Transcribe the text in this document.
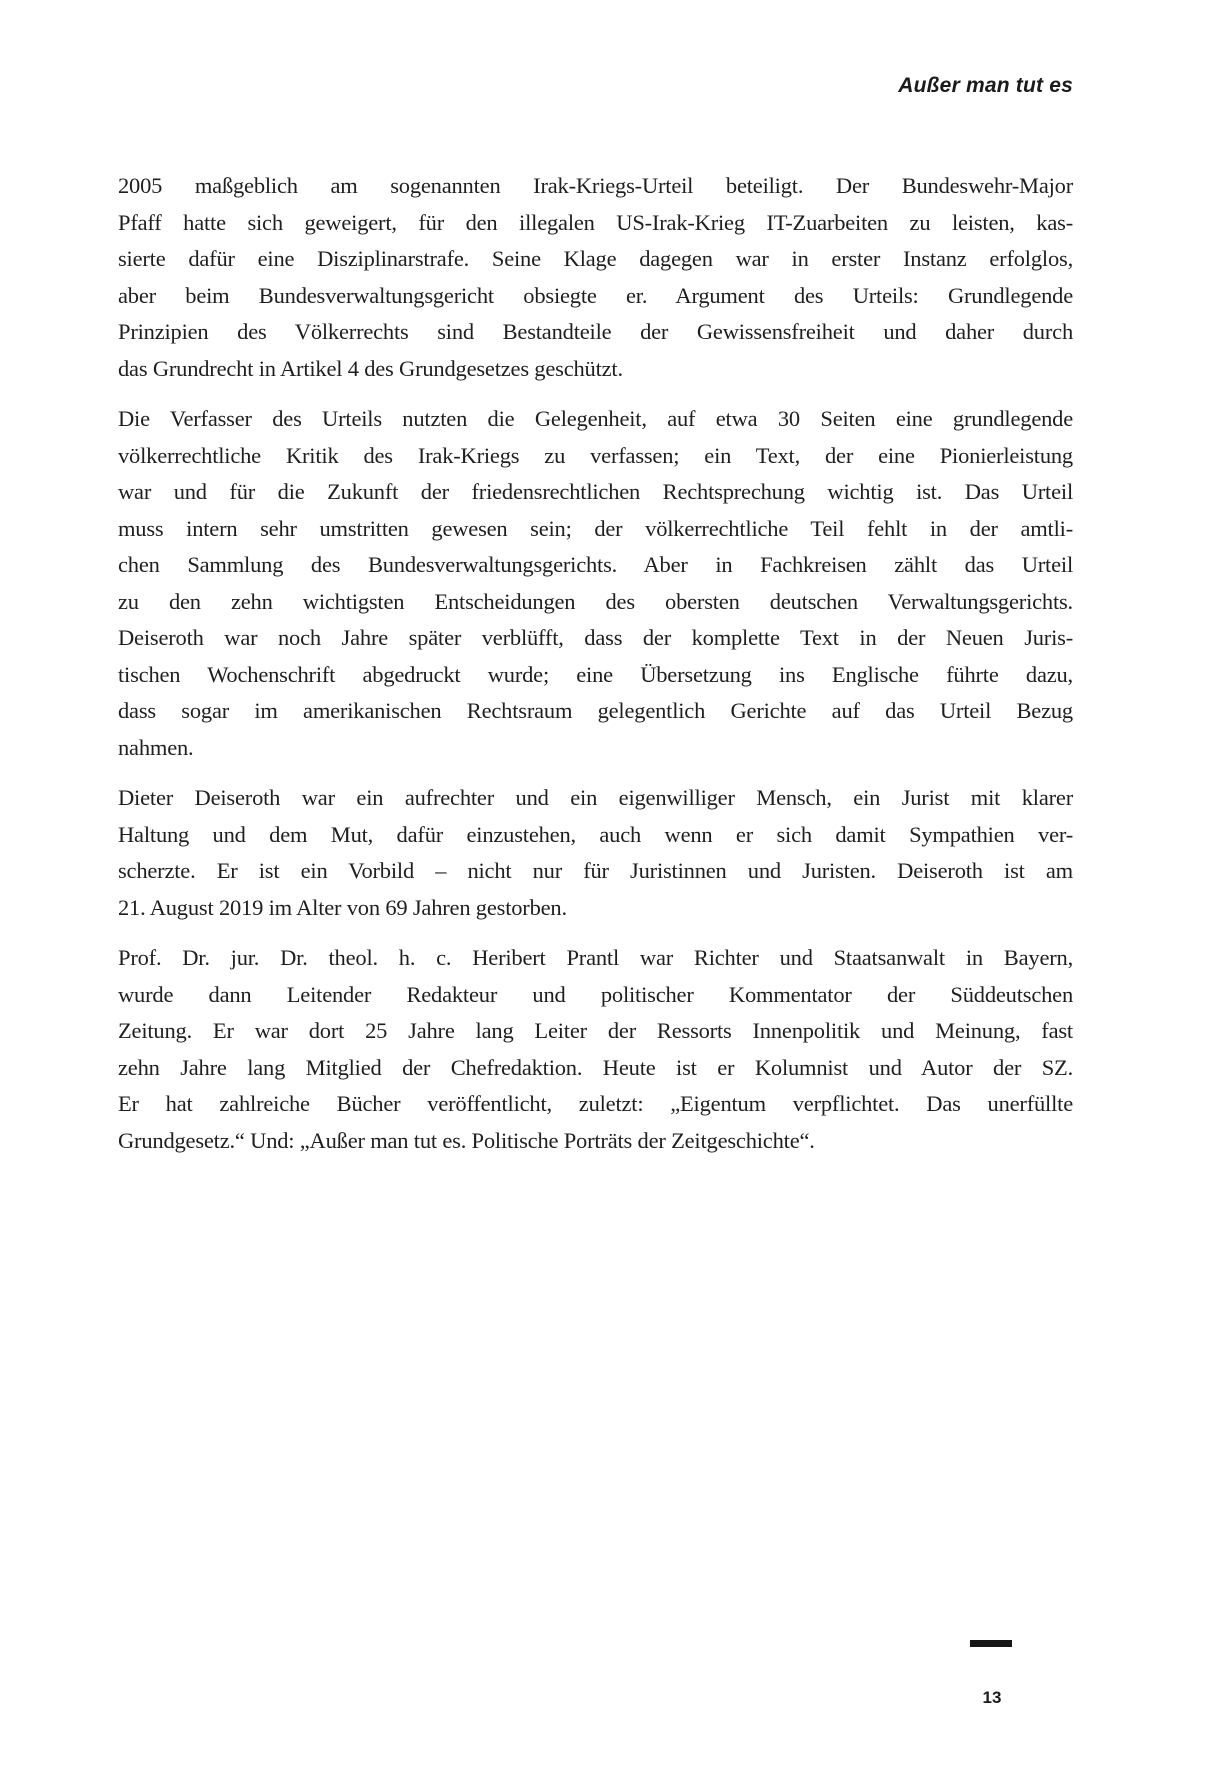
Außer man tut es
2005 maßgeblich am sogenannten Irak-Kriegs-Urteil beteiligt. Der Bundeswehr-Major
Pfaff hatte sich geweigert, für den illegalen US-Irak-Krieg IT-Zuarbeiten zu leisten, kas-
sierte dafür eine Disziplinarstrafe. Seine Klage dagegen war in erster Instanz erfolglos,
aber beim Bundesverwaltungsgericht obsiegte er. Argument des Urteils: Grundlegende
Prinzipien des Völkerrechts sind Bestandteile der Gewissensfreiheit und daher durch
das Grundrecht in Artikel 4 des Grundgesetzes geschützt.
Die Verfasser des Urteils nutzten die Gelegenheit, auf etwa 30 Seiten eine grundlegende
völkerrechtliche Kritik des Irak-Kriegs zu verfassen; ein Text, der eine Pionierleistung
war und für die Zukunft der friedensrechtlichen Rechtsprechung wichtig ist. Das Urteil
muss intern sehr umstritten gewesen sein; der völkerrechtliche Teil fehlt in der amtli-
chen Sammlung des Bundesverwaltungsgerichts. Aber in Fachkreisen zählt das Urteil
zu den zehn wichtigsten Entscheidungen des obersten deutschen Verwaltungsgerichts.
Deiseroth war noch Jahre später verblüfft, dass der komplette Text in der Neuen Juris-
tischen Wochenschrift abgedruckt wurde; eine Übersetzung ins Englische führte dazu,
dass sogar im amerikanischen Rechtsraum gelegentlich Gerichte auf das Urteil Bezug
nahmen.
Dieter Deiseroth war ein aufrechter und ein eigenwilliger Mensch, ein Jurist mit klarer
Haltung und dem Mut, dafür einzustehen, auch wenn er sich damit Sympathien ver-
scherzte. Er ist ein Vorbild – nicht nur für Juristinnen und Juristen. Deiseroth ist am
21. August 2019 im Alter von 69 Jahren gestorben.
Prof. Dr. jur. Dr. theol. h. c. Heribert Prantl war Richter und Staatsanwalt in Bayern,
wurde dann Leitender Redakteur und politischer Kommentator der Süddeutschen
Zeitung. Er war dort 25 Jahre lang Leiter der Ressorts Innenpolitik und Meinung, fast
zehn Jahre lang Mitglied der Chefredaktion. Heute ist er Kolumnist und Autor der SZ.
Er hat zahlreiche Bücher veröffentlicht, zuletzt: „Eigentum verpflichtet. Das unerfüllte
Grundgesetz.“ Und: „Außer man tut es. Politische Porträts der Zeitgeschichte“.
13
